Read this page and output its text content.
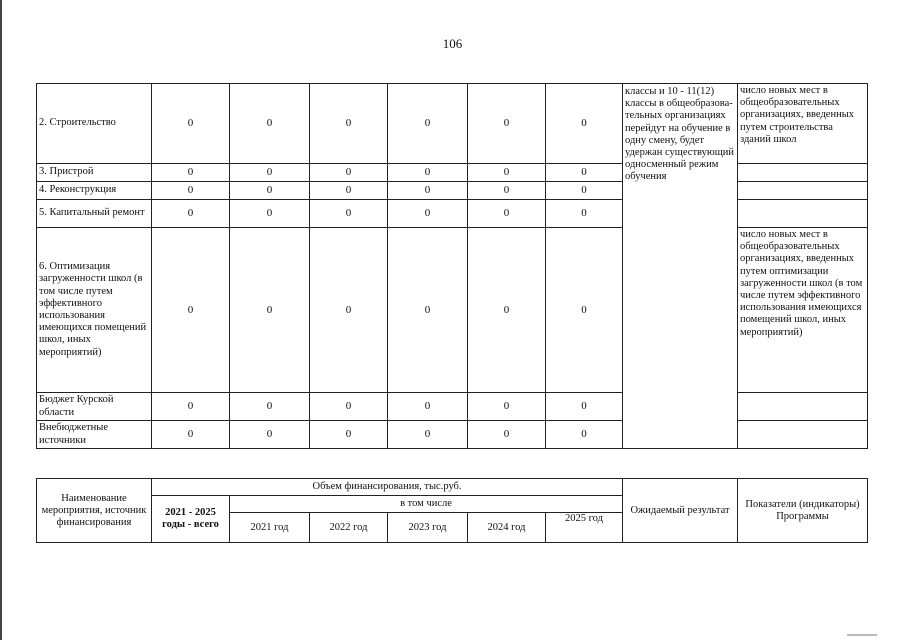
106
2. Строительство	0	0	0	0	0	0	классы и 10 - 11(12) классы в общеобразова-тельных организациях перейдут на обучение в одну смену, будет удержан существующий односменный режим обучения	число новых мест в общеобразовательных организациях, введенных путем строительства зданий школ
3. Пристрой	0	0	0	0	0	0		
4. Реконструкция	0	0	0	0	0	0		
5. Капитальный ремонт	0	0	0	0	0	0		
6. Оптимизация загруженности школ (в том числе путем эффективного использования имеющихся помещений школ, иных мероприятий)	0	0	0	0	0	0		число новых мест в общеобразовательных организациях, введенных путем оптимизации загруженности школ (в том числе путем эффективного использования имеющихся помещений школ, иных мероприятий)
Бюджет Курской области	0	0	0	0	0	0		
Внебюджетные источники	0	0	0	0	0	0		
Наименование мероприятия, источник финансирования	Объем финансирования, тыс.руб.						Ожидаемый результат	Показатели (индикаторы) Программы
	2021 - 2025 годы - всего	в том числе						
		2021 год	2022 год	2023 год	2024 год	2025 год		
